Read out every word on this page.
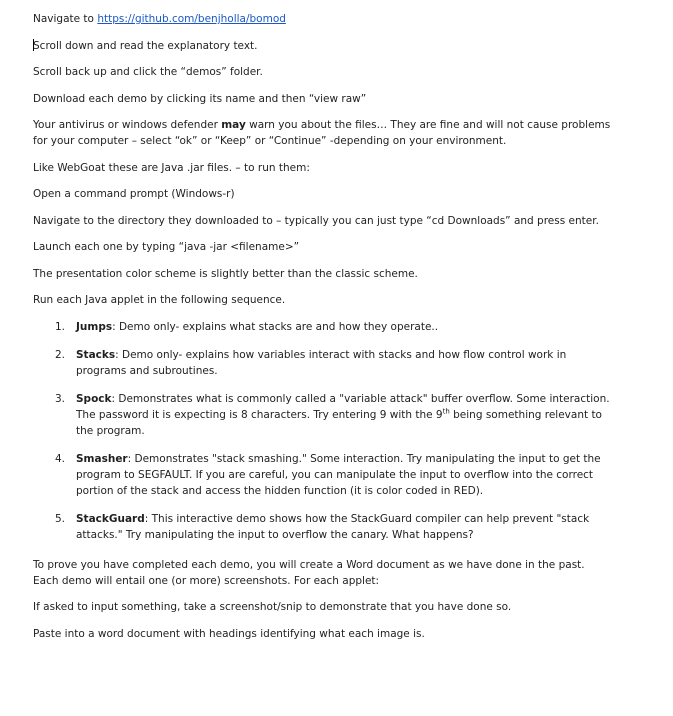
Navigate to https://github.com/benjholla/bomod
Scroll down and read the explanatory text.
Scroll back up and click the “demos” folder.
Download each demo by clicking its name and then “view raw”
Your antivirus or windows defender may warn you about the files… They are fine and will not cause problems for your computer – select “ok” or “Keep” or “Continue” -depending on your environment.
Like WebGoat these are Java .jar files. – to run them:
Open a command prompt (Windows-r)
Navigate to the directory they downloaded to – typically you can just type “cd Downloads” and press enter.
Launch each one by typing “java -jar <filename>”
The presentation color scheme is slightly better than the classic scheme.
Run each Java applet in the following sequence.
1. Jumps: Demo only- explains what stacks are and how they operate..
2. Stacks: Demo only- explains how variables interact with stacks and how flow control work in programs and subroutines.
3. Spock: Demonstrates what is commonly called a "variable attack" buffer overflow. Some interaction. The password it is expecting is 8 characters. Try entering 9 with the 9th being something relevant to the program.
4. Smasher: Demonstrates "stack smashing." Some interaction. Try manipulating the input to get the program to SEGFAULT. If you are careful, you can manipulate the input to overflow into the correct portion of the stack and access the hidden function (it is color coded in RED).
5. StackGuard: This interactive demo shows how the StackGuard compiler can help prevent "stack attacks." Try manipulating the input to overflow the canary. What happens?
To prove you have completed each demo, you will create a Word document as we have done in the past. Each demo will entail one (or more) screenshots. For each applet:
If asked to input something, take a screenshot/snip to demonstrate that you have done so.
Paste into a word document with headings identifying what each image is.
